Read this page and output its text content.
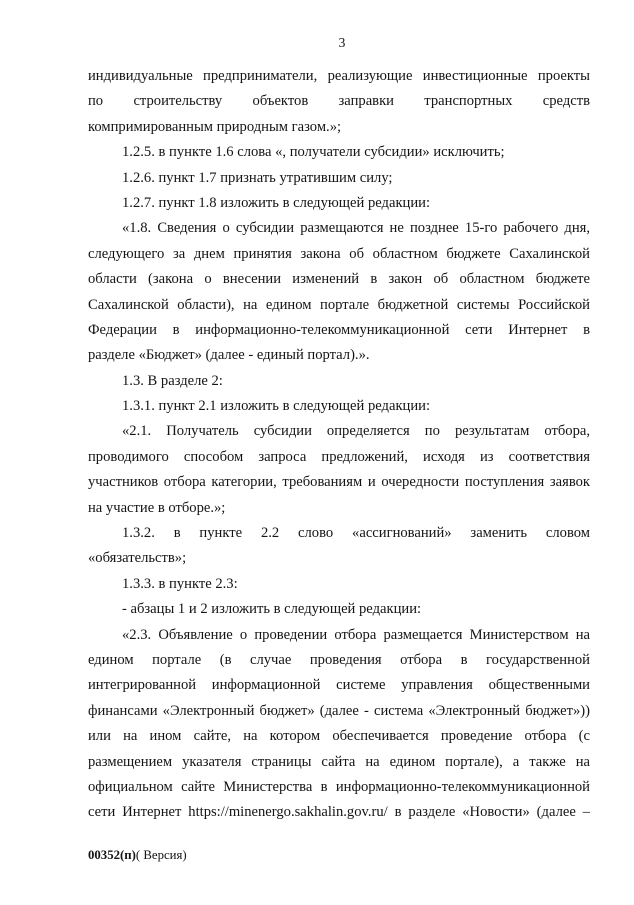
3
индивидуальные предприниматели, реализующие инвестиционные проекты
по строительству объектов заправки транспортных средств
компримированным природным газом.»;
1.2.5. в пункте 1.6 слова «, получатели субсидии» исключить;
1.2.6. пункт 1.7 признать утратившим силу;
1.2.7. пункт 1.8 изложить в следующей редакции:
«1.8. Сведения о субсидии размещаются не позднее 15-го рабочего дня,
следующего за днем принятия закона об областном бюджете Сахалинской
области (закона о внесении изменений в закон об областном бюджете
Сахалинской области), на едином портале бюджетной системы Российской
Федерации в информационно-телекоммуникационной сети Интернет в
разделе «Бюджет» (далее - единый портал).».
1.3. В разделе 2:
1.3.1. пункт 2.1 изложить в следующей редакции:
«2.1. Получатель субсидии определяется по результатам отбора,
проводимого способом запроса предложений, исходя из соответствия
участников отбора категории, требованиям и очередности поступления заявок
на участие в отборе.»;
1.3.2. в пункте 2.2 слово «ассигнований» заменить словом
«обязательств»;
1.3.3. в пункте 2.3:
- абзацы 1 и 2 изложить в следующей редакции:
«2.3. Объявление о проведении отбора размещается Министерством на
едином портале (в случае проведения отбора в государственной
интегрированной информационной системе управления общественными
финансами «Электронный бюджет» (далее - система «Электронный бюджет»))
или на ином сайте, на котором обеспечивается проведение отбора (с
размещением указателя страницы сайта на едином портале), а также на
официальном сайте Министерства в информационно-телекоммуникационной
сети Интернет https://minenergo.sakhalin.gov.ru/ в разделе «Новости» (далее –
00352(п)( Версия)
